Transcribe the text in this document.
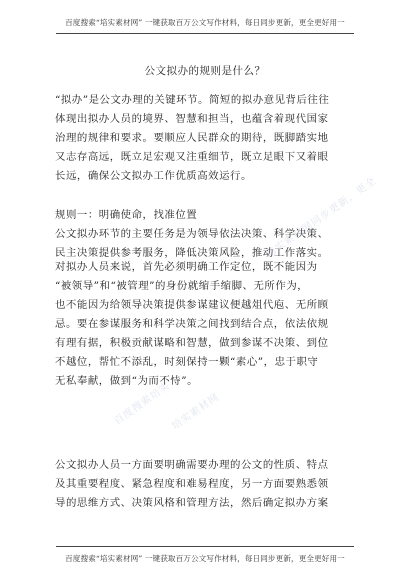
百度搜索“培实素材网” 一键获取百万公文写作材料，每日同步更新，更全更好用一
公文拟办的规则是什么？
“拟办”是公文办理的关键环节。简短的拟办意见背后往往
体现出拟办人员的境界、智慧和担当，也蕴含着现代国家
治理的规律和要求。要顺应人民群众的期待，既脚踏实地
又志存高远，既立足宏观又注重细节，既立足眼下又着眼
长远，确保公文拟办工作优质高效运行。
规则一：明确使命，找准位置
公文拟办环节的主要任务是为领导依法决策、科学决策、
民主决策提供参考服务，降低决策风险，推动工作落实。
对拟办人员来说，首先必须明确工作定位，既不能因为
“被领导”和“被管理”的身份就缩手缩脚、无所作为，
也不能因为给领导决策提供参谋建议便越俎代庖、无所顾
忌。要在参谋服务和科学决策之间找到结合点，依法依规
有理有据，积极贡献谋略和智慧，做到参谋不决策、到位
不越位，帮忙不添乱，时刻保持一颗“素心”，忠于职守
无私奉献，做到“为而不恃”。
公文拟办人员一方面要明确需要办理的公文的性质、特点
及其重要程度、紧急程度和难易程度，另一方面要熟悉领
导的思维方式、决策风格和管理方法，然后确定拟办方案
培实素材网同步更新，更全
培实素材网
百度搜索培实
百度搜索“培实素材网” 一键获取百万公文写作材料，每日同步更新，更全更好用一
